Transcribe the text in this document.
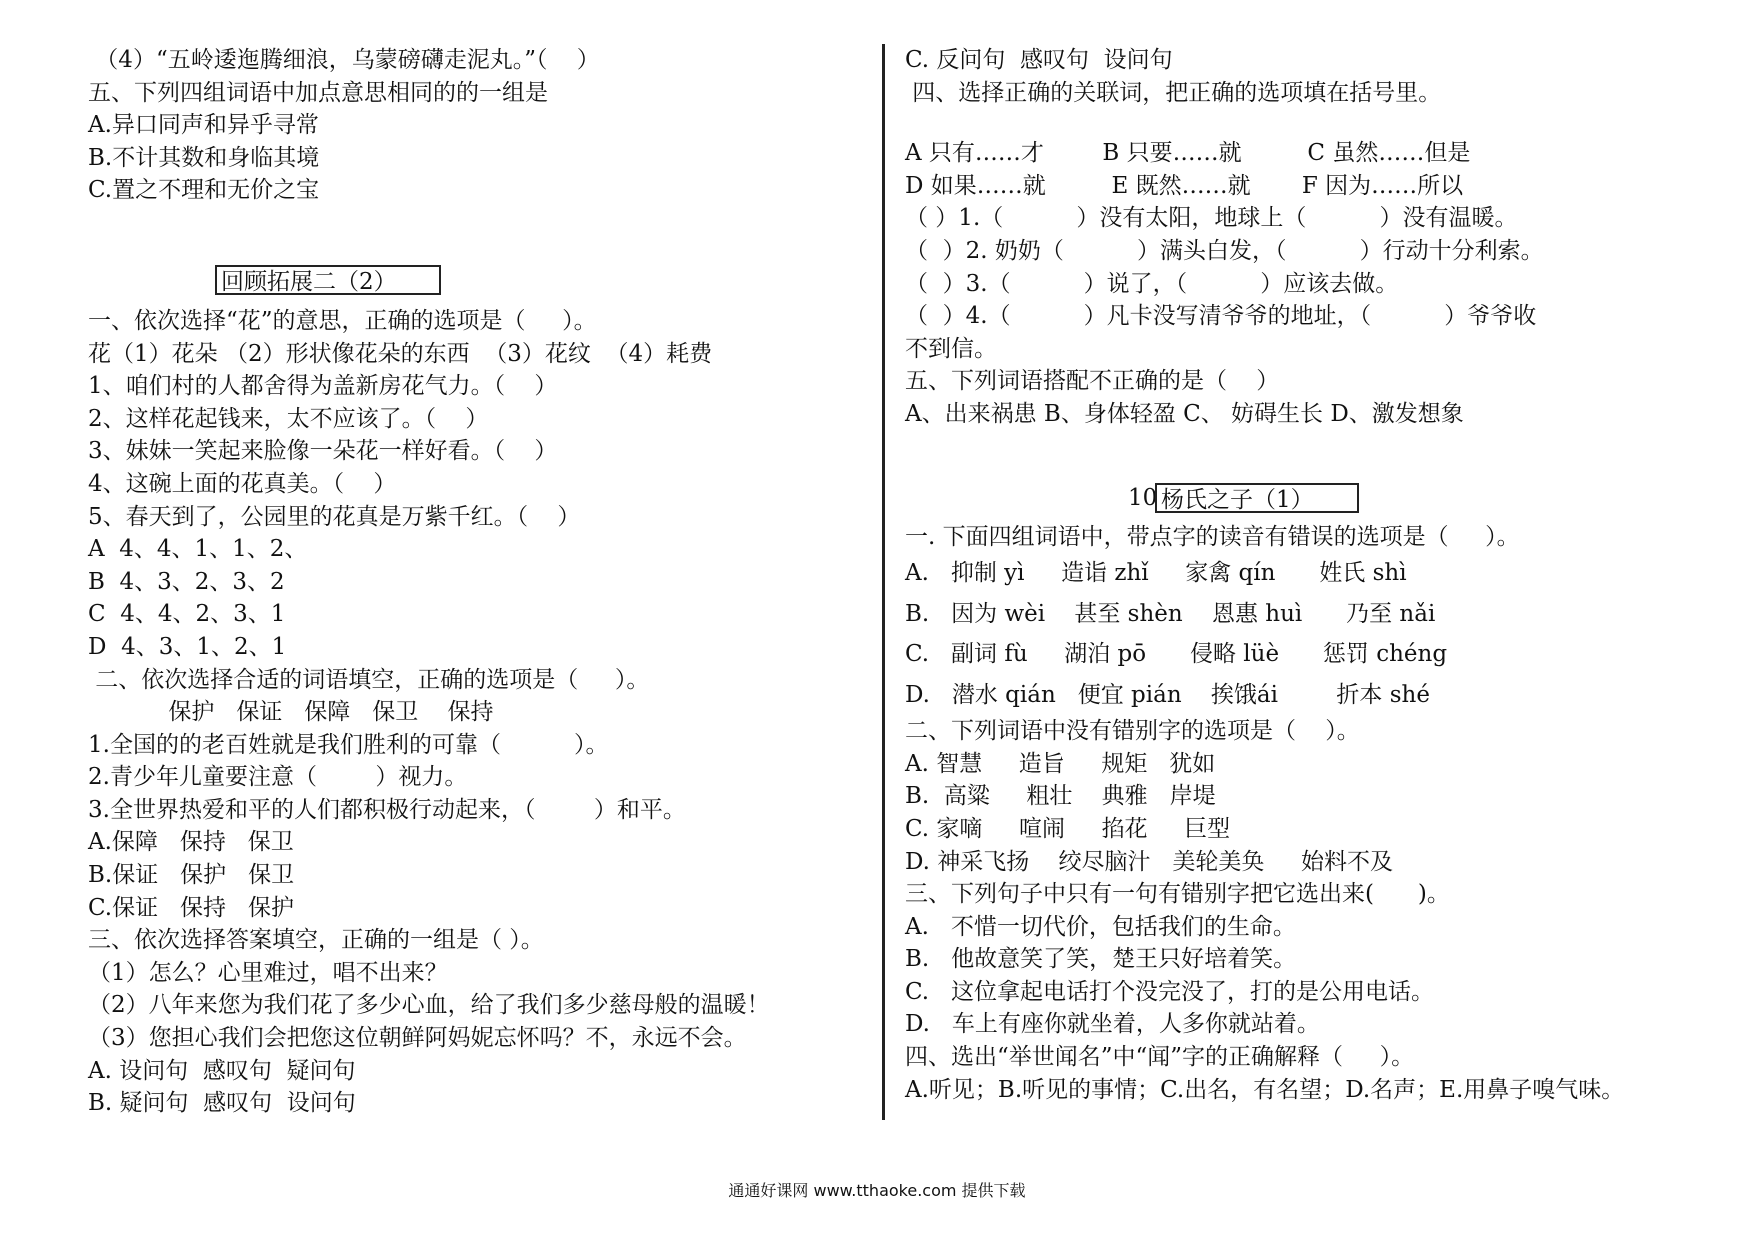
（4）“五岭逶迤腾细浪，乌蒙磅礴走泥丸。”（    ）
五、下列四组词语中加点意思相同的的一组是
A.异口同声和异乎寻常
B.不计其数和身临其境
C.置之不理和无价之宝
回顾拓展二（2）
一、依次选择“花”的意思，正确的选项是（     ）。
花（1）花朵 （2）形状像花朵的东西  （3）花纹  （4）耗费
1、咱们村的人都舍得为盖新房花气力。（    ）
2、这样花起钱来，太不应该了。（    ）
3、妹妹一笑起来脸像一朵花一样好看。（    ）
4、这碗上面的花真美。（    ）
5、春天到了，公园里的花真是万紫千红。（    ）
A  4、4、1、1、2、
B  4、3、2、3、2
C  4、4、2、3、1
D  4、3、1、2、1
二、依次选择合适的词语填空，正确的选项是（     ）。
保护   保证   保障   保卫    保持
1.全国的的老百姓就是我们胜利的可靠（          ）。
2.青少年儿童要注意（        ）视力。
3.全世界热爱和平的人们都积极行动起来，（        ）和平。
A.保障   保持   保卫
B.保证   保护   保卫
C.保证   保持   保护
三、依次选择答案填空，正确的一组是（ ）。
（1）怎么？心里难过，唱不出来？
（2）八年来您为我们花了多少心血，给了我们多少慈母般的温暖！
（3）您担心我们会把您这位朝鲜阿妈妮忘怀吗？不，永远不会。
A. 设问句  感叹句  疑问句
B. 疑问句  感叹句  设问句
C. 反问句  感叹句  设问句
四、选择正确的关联词，把正确的选项填在括号里。
A 只有……才        B 只要……就         C 虽然……但是
D 如果……就         E 既然……就       F 因为……所以
（ ）1.（          ）没有太阳，地球上（          ）没有温暖。
（  ）2. 奶奶（          ）满头白发，（          ）行动十分利索。
（  ）3.（          ）说了，（          ）应该去做。
（  ）4.（          ）凡卡没写清爷爷的地址，（          ）爷爷收
不到信。
五、下列词语搭配不正确的是（    ）
A、出来祸患 B、身体轻盈 C、 妨碍生长 D、激发想象
10 杨氏之子（1）
一. 下面四组词语中，带点字的读音有错误的选项是（     ）。
A.   抑制 yì     造诣 zhǐ     家禽 qín      姓氏 shì
B.   因为 wèi    甚至 shèn    恩惠 huì      乃至 nǎi
C.   副词 fù     湖泊 pō      侵略 lüè      惩罚 chéng
D.   潜水 qián   便宜 pián    挨饿ái        折本 shé
二、下列词语中没有错别字的选项是（    ）。
A. 智慧     造旨     规矩   犹如
B.  高粱     粗壮    典雅   岸堤
C. 家嘀     喧闹     掐花     巨型
D. 神采飞扬    绞尽脑汁   美轮美奂     始料不及
三、下列句子中只有一句有错别字把它选出来(      )。
A.   不惜一切代价，包括我们的生命。
B.   他故意笑了笑，楚王只好培着笑。
C.   这位拿起电话打个没完没了，打的是公用电话。
D.   车上有座你就坐着，人多你就站着。
四、选出“举世闻名”中“闻”字的正确解释（     ）。
A.听见；B.听见的事情；C.出名，有名望；D.名声；E.用鼻子嗅气味。
通通好课网 www.tthaoke.com 提供下载
